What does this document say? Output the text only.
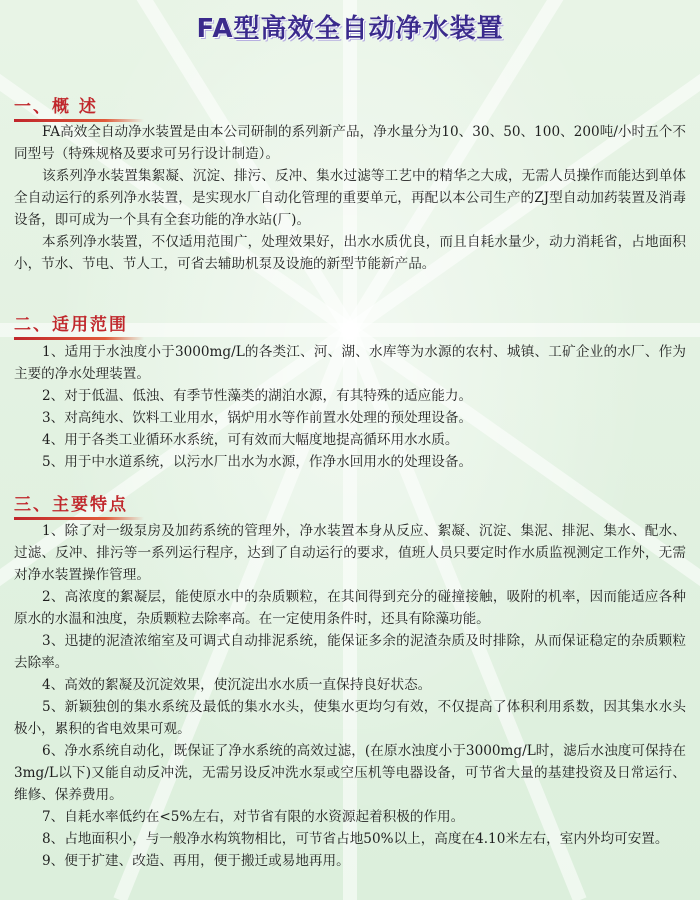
FA型高效全自动净水装置
一、概 述

FA高效全自动净水装置是由本公司研制的系列新产品，净水量分为10、30、50、100、200吨/小时五个不同型号（特殊规格及要求可另行设计制造）。

该系列净水装置集絮凝、沉淀、排污、反冲、集水过滤等工艺中的精华之大成，无需人员操作而能达到单体全自动运行的系列净水装置，是实现水厂自动化管理的重要单元，再配以本公司生产的ZJ型自动加药装置及消毒设备，即可成为一个具有全套功能的净水站(厂)。

本系列净水装置，不仅适用范围广，处理效果好，出水水质优良，而且自耗水量少，动力消耗省，占地面积小，节水、节电、节人工，可省去辅助机泵及设施的新型节能新产品。

二、适用范围

1、适用于水浊度小于3000mg/L的各类江、河、湖、水库等为水源的农村、城镇、工矿企业的水厂、作为主要的净水处理装置。

2、对于低温、低浊、有季节性藻类的湖泊水源，有其特殊的适应能力。

3、对高纯水、饮料工业用水，锅炉用水等作前置水处理的预处理设备。

4、用于各类工业循环水系统，可有效而大幅度地提高循环用水水质。

5、用于中水道系统，以污水厂出水为水源，作净水回用水的处理设备。

三、主要特点

1、除了对一级泵房及加药系统的管理外，净水装置本身从反应、絮凝、沉淀、集泥、排泥、集水、配水、过滤、反冲、排污等一系列运行程序，达到了自动运行的要求，值班人员只要定时作水质监视测定工作外，无需对净水装置操作管理。

2、高浓度的絮凝层，能使原水中的杂质颗粒，在其间得到充分的碰撞接触，吸附的机率，因而能适应各种原水的水温和浊度，杂质颗粒去除率高。在一定使用条件时，还具有除藻功能。

3、迅捷的泥渣浓缩室及可调式自动排泥系统，能保证多余的泥渣杂质及时排除，从而保证稳定的杂质颗粒去除率。

4、高效的絮凝及沉淀效果，使沉淀出水水质一直保持良好状态。

5、新颖独创的集水系统及最低的集水水头，使集水更均匀有效，不仅提高了体积利用系数，因其集水水头极小，累积的省电效果可观。

6、净水系统自动化，既保证了净水系统的高效过滤，(在原水浊度小于3000mg/L时，滤后水浊度可保持在3mg/L以下)又能自动反冲洗，无需另设反冲洗水泵或空压机等电器设备，可节省大量的基建投资及日常运行、维修、保养费用。

7、自耗水率低约在<5%左右，对节省有限的水资源起着积极的作用。

8、占地面积小，与一般净水构筑物相比，可节省占地50%以上，高度在4.10米左右，室内外均可安置。

9、便于扩建、改造、再用，便于搬迁或易地再用。
